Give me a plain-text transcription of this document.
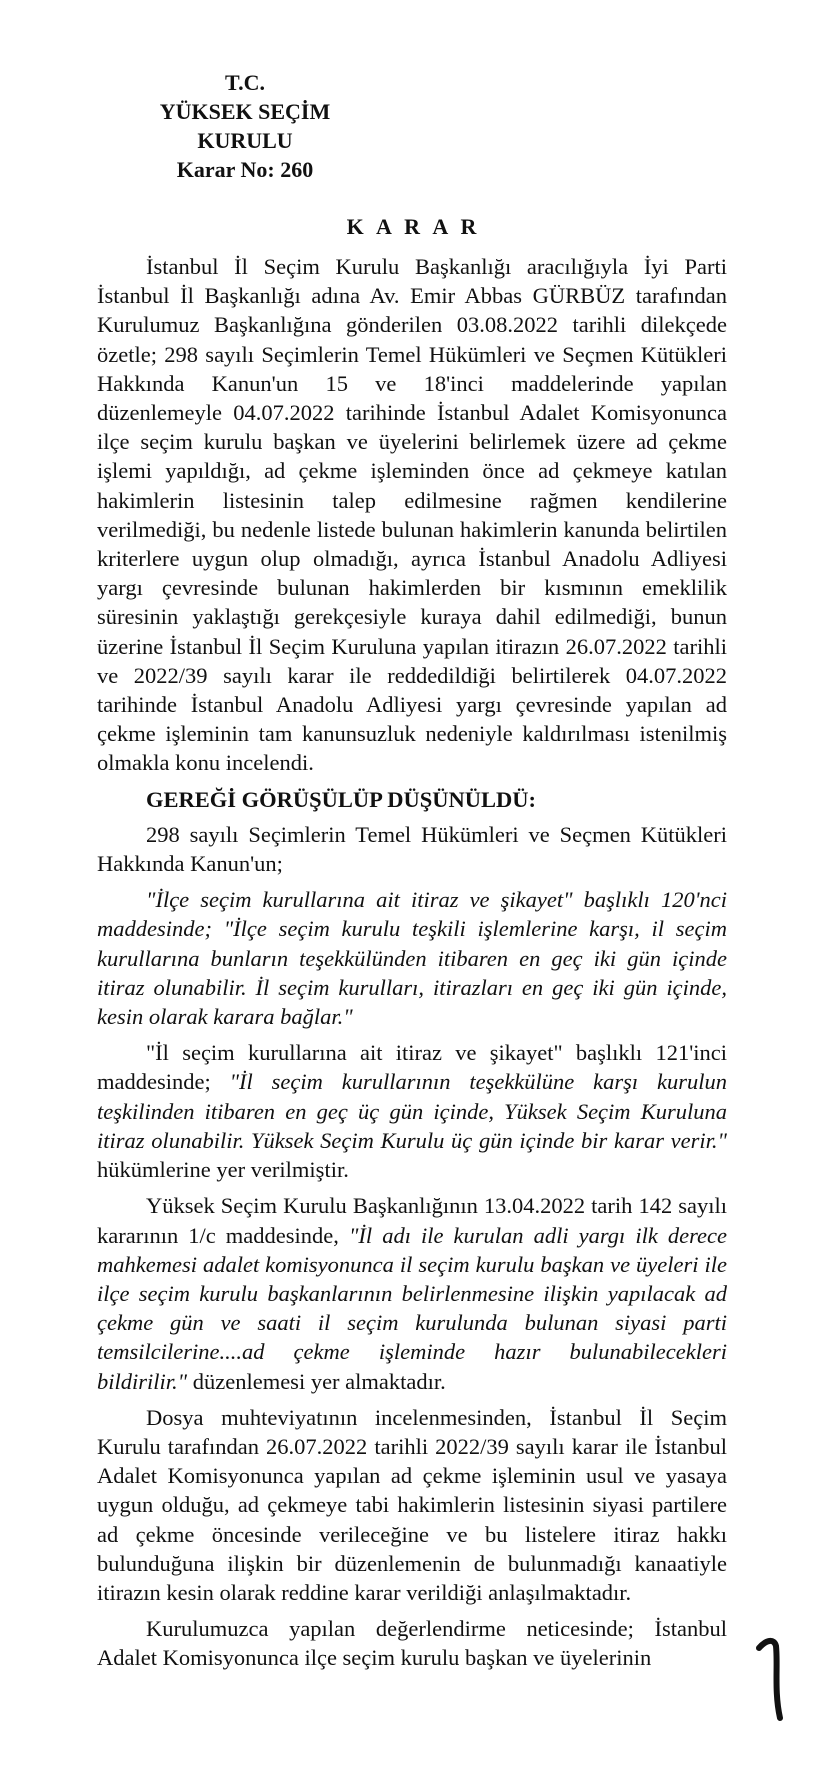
T.C.
YÜKSEK SEÇİM
KURULU
Karar No: 260
K A R A R

İstanbul İl Seçim Kurulu Başkanlığı aracılığıyla İyi Parti İstanbul İl Başkanlığı adına Av. Emir Abbas GÜRBÜZ tarafından Kurulumuz Başkanlığına gönderilen 03.08.2022 tarihli dilekçede özetle; 298 sayılı Seçimlerin Temel Hükümleri ve Seçmen Kütükleri Hakkında Kanun'un 15 ve 18'inci maddelerinde yapılan düzenlemeyle 04.07.2022 tarihinde İstanbul Adalet Komisyonunca ilçe seçim kurulu başkan ve üyelerini belirlemek üzere ad çekme işlemi yapıldığı, ad çekme işleminden önce ad çekmeye katılan hakimlerin listesinin talep edilmesine rağmen kendilerine verilmediği, bu nedenle listede bulunan hakimlerin kanunda belirtilen kriterlere uygun olup olmadığı, ayrıca İstanbul Anadolu Adliyesi yargı çevresinde bulunan hakimlerden bir kısmının emeklilik süresinin yaklaştığı gerekçesiyle kuraya dahil edilmediği, bunun üzerine İstanbul İl Seçim Kuruluna yapılan itirazın 26.07.2022 tarihli ve 2022/39 sayılı karar ile reddedildiği belirtilerek 04.07.2022 tarihinde İstanbul Anadolu Adliyesi yargı çevresinde yapılan ad çekme işleminin tam kanunsuzluk nedeniyle kaldırılması istenilmiş olmakla konu incelendi.

GEREĞİ GÖRÜŞÜLÜP DÜŞÜNÜLDÜ:

298 sayılı Seçimlerin Temel Hükümleri ve Seçmen Kütükleri Hakkında Kanun'un;

"İlçe seçim kurullarına ait itiraz ve şikayet" başlıklı 120'nci maddesinde; "İlçe seçim kurulu teşkili işlemlerine karşı, il seçim kurullarına bunların teşekkülünden itibaren en geç iki gün içinde itiraz olunabilir. İl seçim kurulları, itirazları en geç iki gün içinde, kesin olarak karara bağlar."

"İl seçim kurullarına ait itiraz ve şikayet" başlıklı 121'inci maddesinde; "İl seçim kurullarının teşekkülüne karşı kurulun teşkilinden itibaren en geç üç gün içinde, Yüksek Seçim Kuruluna itiraz olunabilir. Yüksek Seçim Kurulu üç gün içinde bir karar verir." hükümlerine yer verilmiştir.

Yüksek Seçim Kurulu Başkanlığının 13.04.2022 tarih 142 sayılı kararının 1/c maddesinde, "İl adı ile kurulan adli yargı ilk derece mahkemesi adalet komisyonunca il seçim kurulu başkan ve üyeleri ile ilçe seçim kurulu başkanlarının belirlenmesine ilişkin yapılacak ad çekme gün ve saati il seçim kurulunda bulunan siyasi parti temsilcilerine....ad çekme işleminde hazır bulunabilecekleri bildirilir." düzenlemesi yer almaktadır.

Dosya muhteviyatının incelenmesinden, İstanbul İl Seçim Kurulu tarafından 26.07.2022 tarihli 2022/39 sayılı karar ile İstanbul Adalet Komisyonunca yapılan ad çekme işleminin usul ve yasaya uygun olduğu, ad çekmeye tabi hakimlerin listesinin siyasi partilere ad çekme öncesinde verileceğine ve bu listelere itiraz hakkı bulunduğuna ilişkin bir düzenlemenin de bulunmadığı kanaatiyle itirazın kesin olarak reddine karar verildiği anlaşılmaktadır.

Kurulumuzca yapılan değerlendirme neticesinde; İstanbul Adalet Komisyonunca ilçe seçim kurulu başkan ve üyelerinin
